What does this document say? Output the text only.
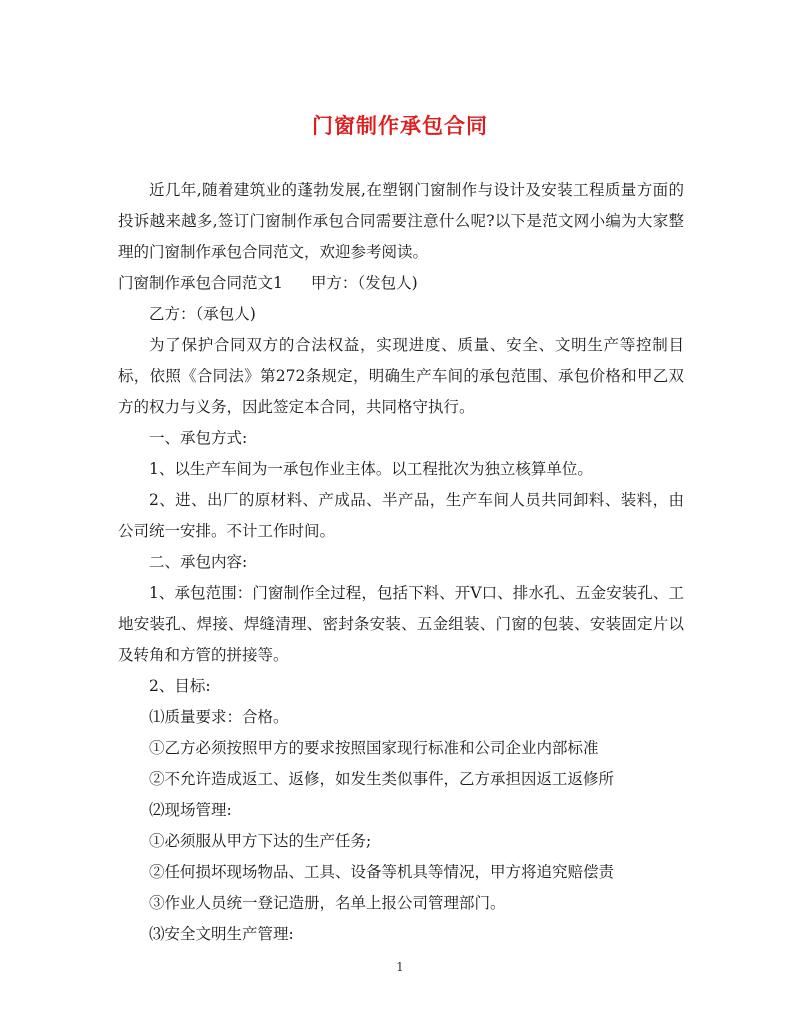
门窗制作承包合同

近几年,随着建筑业的蓬勃发展,在塑钢门窗制作与设计及安装工程质量方面的投诉越来越多,签订门窗制作承包合同需要注意什么呢?以下是范文网小编为大家整理的门窗制作承包合同范文，欢迎参考阅读。

门窗制作承包合同范文1 甲方：（发包人)

乙方：（承包人)

为了保护合同双方的合法权益，实现进度、质量、安全、文明生产等控制目标，依照《合同法》第272条规定，明确生产车间的承包范围、承包价格和甲乙双方的权力与义务，因此签定本合同，共同格守执行。

一、承包方式:

1、以生产车间为一承包作业主体。以工程批次为独立核算单位。

2、进、出厂的原材料、产成品、半产品，生产车间人员共同卸料、装料，由公司统一安排。不计工作时间。

二、承包内容:

1、承包范围：门窗制作全过程，包括下料、开V口、排水孔、五金安装孔、工地安装孔、焊接、焊缝清理、密封条安装、五金组装、门窗的包装、安装固定片以及转角和方管的拼接等。

2、目标:

⑴质量要求：合格。

①乙方必须按照甲方的要求按照国家现行标准和公司企业内部标准

②不允许造成返工、返修，如发生类似事件，乙方承担因返工返修所

⑵现场管理:

①必须服从甲方下达的生产任务;

②任何损坏现场物品、工具、设备等机具等情况，甲方将追究赔偿责

③作业人员统一登记造册，名单上报公司管理部门。

⑶安全文明生产管理:

1
